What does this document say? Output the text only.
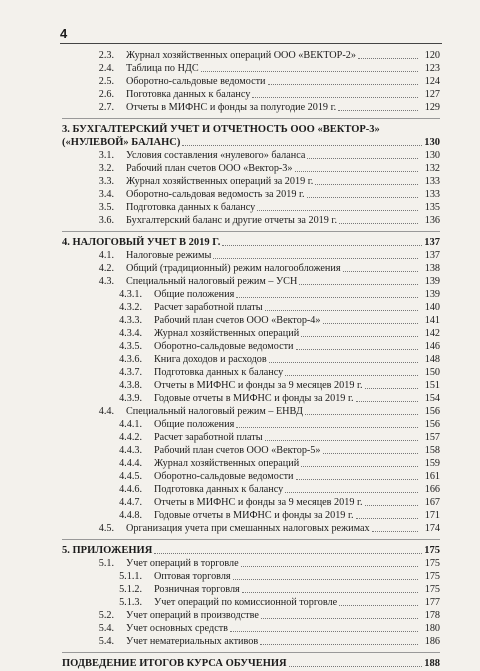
4
2.3.	Журнал хозяйственных операций ООО «ВЕКТОР-2»	120
2.4.	Таблица по НДС	123
2.5.	Оборотно-сальдовые ведомости	124
2.6.	Поготовка данных к балансу	127
2.7.	Отчеты в МИФНС и фонды за полугодие 2019 г.	129
3. БУХГАЛТЕРСКИЙ УЧЕТ И ОТЧЕТНОСТЬ ООО «ВЕКТОР-3»
(«НУЛЕВОЙ» БАЛАНС)	130
3.1.	Условия составления «нулевого» баланса	130
3.2.	Рабочий план счетов ООО «Вектор-3»	132
3.3.	Журнал хозяйственных операций за 2019 г.	133
3.4.	Оборотно-сальдовая ведомость за 2019 г.	133
3.5.	Подготовка данных к балансу	135
3.6.	Бухгалтерский баланс и другие отчеты за 2019 г.	136
4. НАЛОГОВЫЙ УЧЕТ В 2019 Г.	137
4.1.	Налоговые режимы	137
4.2.	Общий (традиционный) режим налогообложения	138
4.3.	Специальный налоговый режим – УСН	139
4.3.1.	Общие положения	139
4.3.2.	Расчет заработной платы	140
4.3.3.	Рабочий план счетов ООО «Вектор-4»	141
4.3.4.	Журнал хозяйственных операций	142
4.3.5.	Оборотно-сальдовые ведомости	146
4.3.6.	Книга доходов и расходов	148
4.3.7.	Подготовка данных к балансу	150
4.3.8.	Отчеты в МИФНС и фонды за 9 месяцев 2019 г.	151
4.3.9.	Годовые отчеты в МИФНС и фонды за 2019 г.	154
4.4.	Специальный налоговый режим – ЕНВД	156
4.4.1.	Общие положения	156
4.4.2.	Расчет заработной платы	157
4.4.3.	Рабочий план счетов ООО «Вектор-5»	158
4.4.4.	Журнал хозяйственных операций	159
4.4.5.	Оборотно-сальдовые ведомости	161
4.4.6.	Подготовка данных к балансу	166
4.4.7.	Отчеты в МИФНС и фонды за 9 месяцев 2019 г.	167
4.4.8.	Годовые отчеты в МИФНС и фонды за 2019 г.	171
4.5.	Организация учета при смешанных налоговых режимах	174
5. ПРИЛОЖЕНИЯ	175
5.1.	Учет операций в торговле	175
5.1.1.	Оптовая торговля	175
5.1.2.	Розничная торговля	175
5.1.3.	Учет операций по комиссионной торговле	177
5.2.	Учет операций в производстве	178
5.4.	Учет основных средств	180
5.4.	Учет нематериальных активов	186
ПОДВЕДЕНИЕ ИТОГОВ КУРСА ОБУЧЕНИЯ	188
